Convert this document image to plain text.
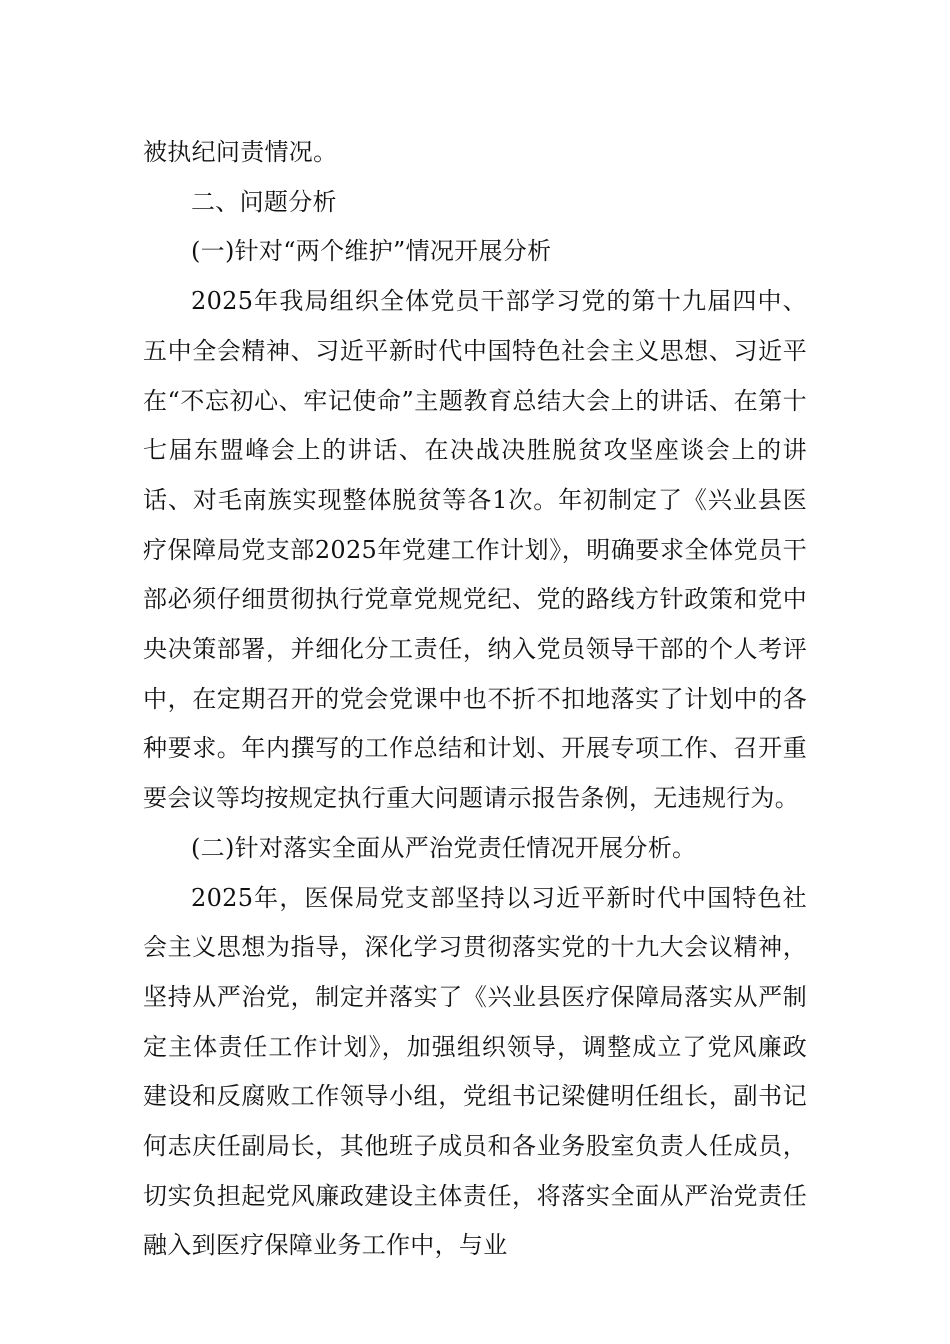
被执纪问责情况。

二、问题分析

(一)针对“两个维护”情况开展分析

2025年我局组织全体党员干部学习党的第十九届四中、五中全会精神、习近平新时代中国特色社会主义思想、习近平在“不忘初心、牢记使命”主题教育总结大会上的讲话、在第十七届东盟峰会上的讲话、在决战决胜脱贫攻坚座谈会上的讲话、对毛南族实现整体脱贫等各1次。年初制定了《兴业县医疗保障局党支部2025年党建工作计划》，明确要求全体党员干部必须仔细贯彻执行党章党规党纪、党的路线方针政策和党中央决策部署，并细化分工责任，纳入党员领导干部的个人考评中，在定期召开的党会党课中也不折不扣地落实了计划中的各种要求。年内撰写的工作总结和计划、开展专项工作、召开重要会议等均按规定执行重大问题请示报告条例，无违规行为。

(二)针对落实全面从严治党责任情况开展分析。

2025年，医保局党支部坚持以习近平新时代中国特色社会主义思想为指导，深化学习贯彻落实党的十九大会议精神，坚持从严治党，制定并落实了《兴业县医疗保障局落实从严制定主体责任工作计划》，加强组织领导，调整成立了党风廉政建设和反腐败工作领导小组，党组书记梁健明任组长，副书记何志庆任副局长，其他班子成员和各业务股室负责人任成员，切实负担起党风廉政建设主体责任，将落实全面从严治党责任融入到医疗保障业务工作中，与业
